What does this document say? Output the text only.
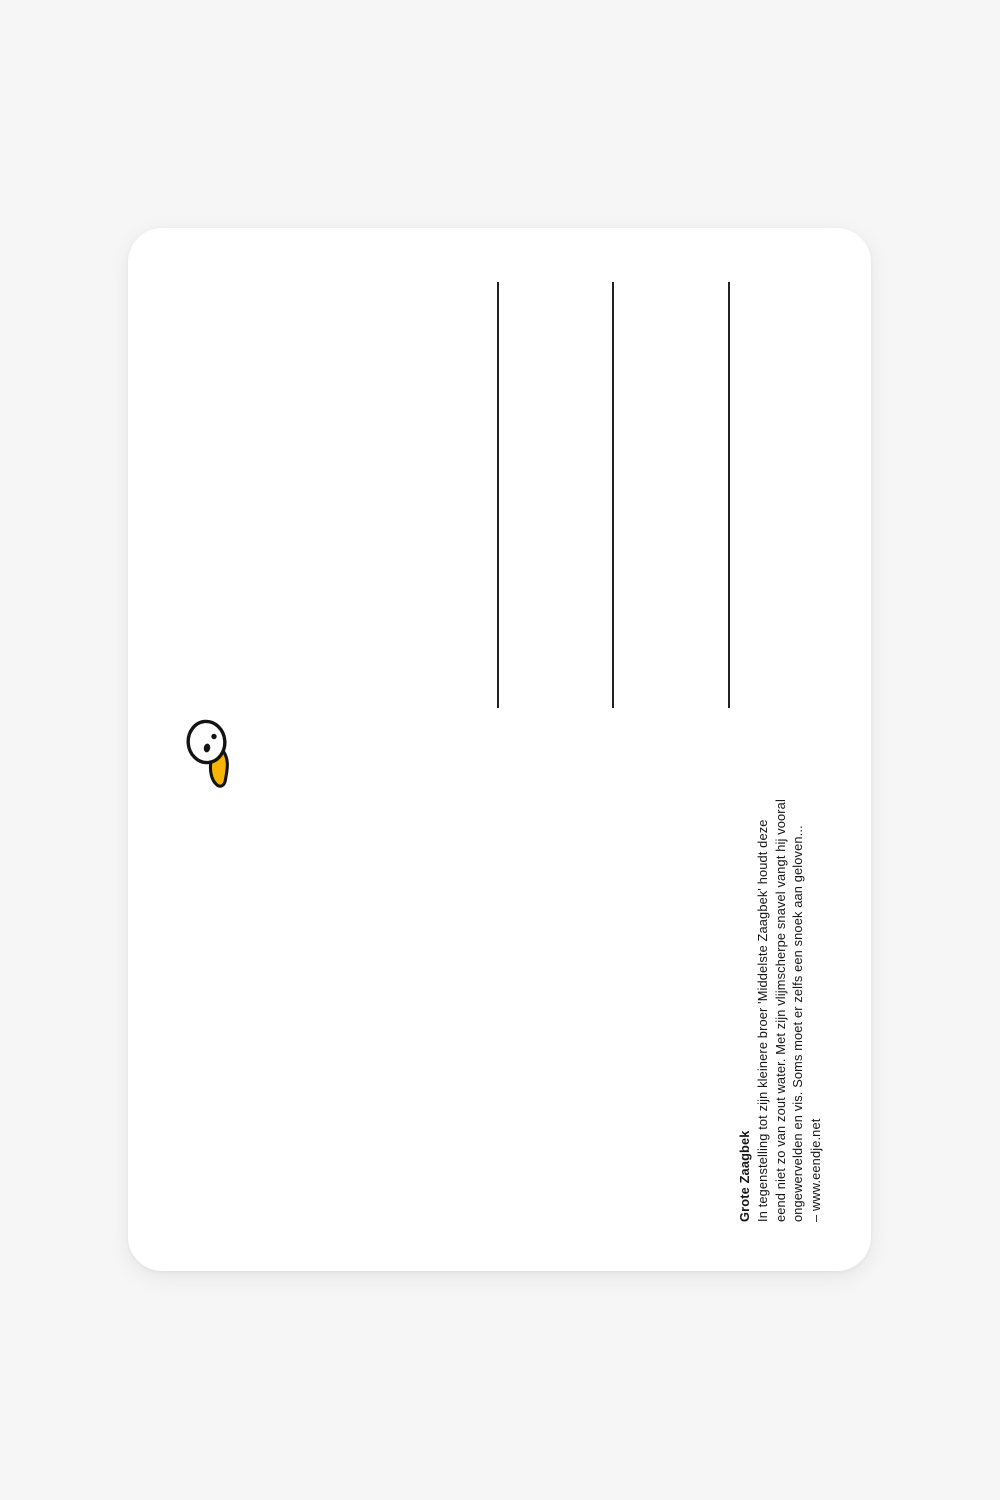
Grote Zaagbek In tegenstelling tot zijn kleinere broer 'Middelste Zaagbek' houdt deze eend niet zo van zout water. Met zijn vlijmscherpe snavel vangt hij vooral ongewervelden en vis. Soms moet er zelfs een snoek aan geloven... – www.eendje.net
